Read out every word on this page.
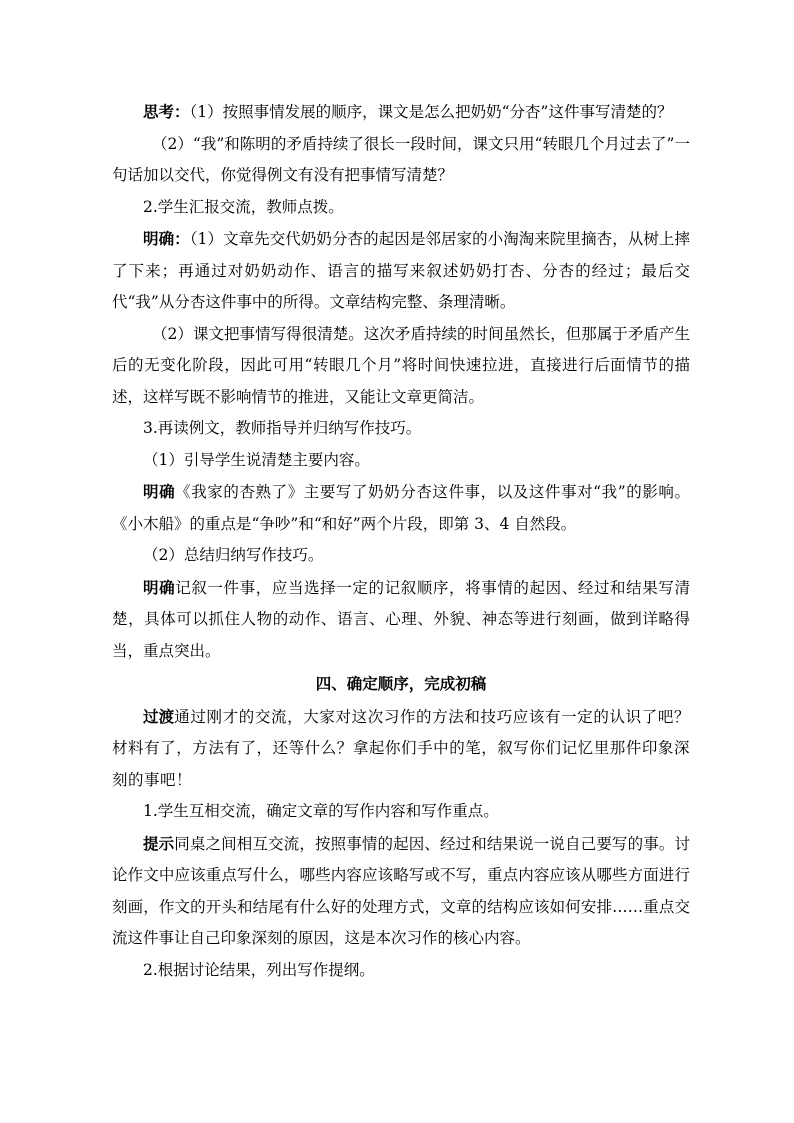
思考：（1）按照事情发展的顺序，课文是怎么把奶奶“分杏”这件事写清楚的？

（2）“我”和陈明的矛盾持续了很长一段时间，课文只用“转眼几个月过去了”一句话加以交代，你觉得例文有没有把事情写清楚？

2.学生汇报交流，教师点拨。

明确：（1）文章先交代奶奶分杏的起因是邻居家的小淘淘来院里摘杏，从树上摔了下来；再通过对奶奶动作、语言的描写来叙述奶奶打杏、分杏的经过；最后交代“我”从分杏这件事中的所得。文章结构完整、条理清晰。

（2）课文把事情写得很清楚。这次矛盾持续的时间虽然长，但那属于矛盾产生后的无变化阶段，因此可用“转眼几个月”将时间快速拉进，直接进行后面情节的描述，这样写既不影响情节的推进，又能让文章更简洁。

3.再读例文，教师指导并归纳写作技巧。

（1）引导学生说清楚主要内容。

明确《我家的杏熟了》主要写了奶奶分杏这件事，以及这件事对“我”的影响。《小木船》的重点是“争吵”和“和好”两个片段，即第 3、4 自然段。

（2）总结归纳写作技巧。

明确记叙一件事，应当选择一定的记叙顺序，将事情的起因、经过和结果写清楚，具体可以抓住人物的动作、语言、心理、外貌、神态等进行刻画，做到详略得当，重点突出。

四、确定顺序，完成初稿

过渡通过刚才的交流，大家对这次习作的方法和技巧应该有一定的认识了吧？材料有了，方法有了，还等什么？拿起你们手中的笔，叙写你们记忆里那件印象深刻的事吧！

1.学生互相交流，确定文章的写作内容和写作重点。

提示同桌之间相互交流，按照事情的起因、经过和结果说一说自己要写的事。讨论作文中应该重点写什么，哪些内容应该略写或不写，重点内容应该从哪些方面进行刻画，作文的开头和结尾有什么好的处理方式，文章的结构应该如何安排……重点交流这件事让自己印象深刻的原因，这是本次习作的核心内容。

2.根据讨论结果，列出写作提纲。
